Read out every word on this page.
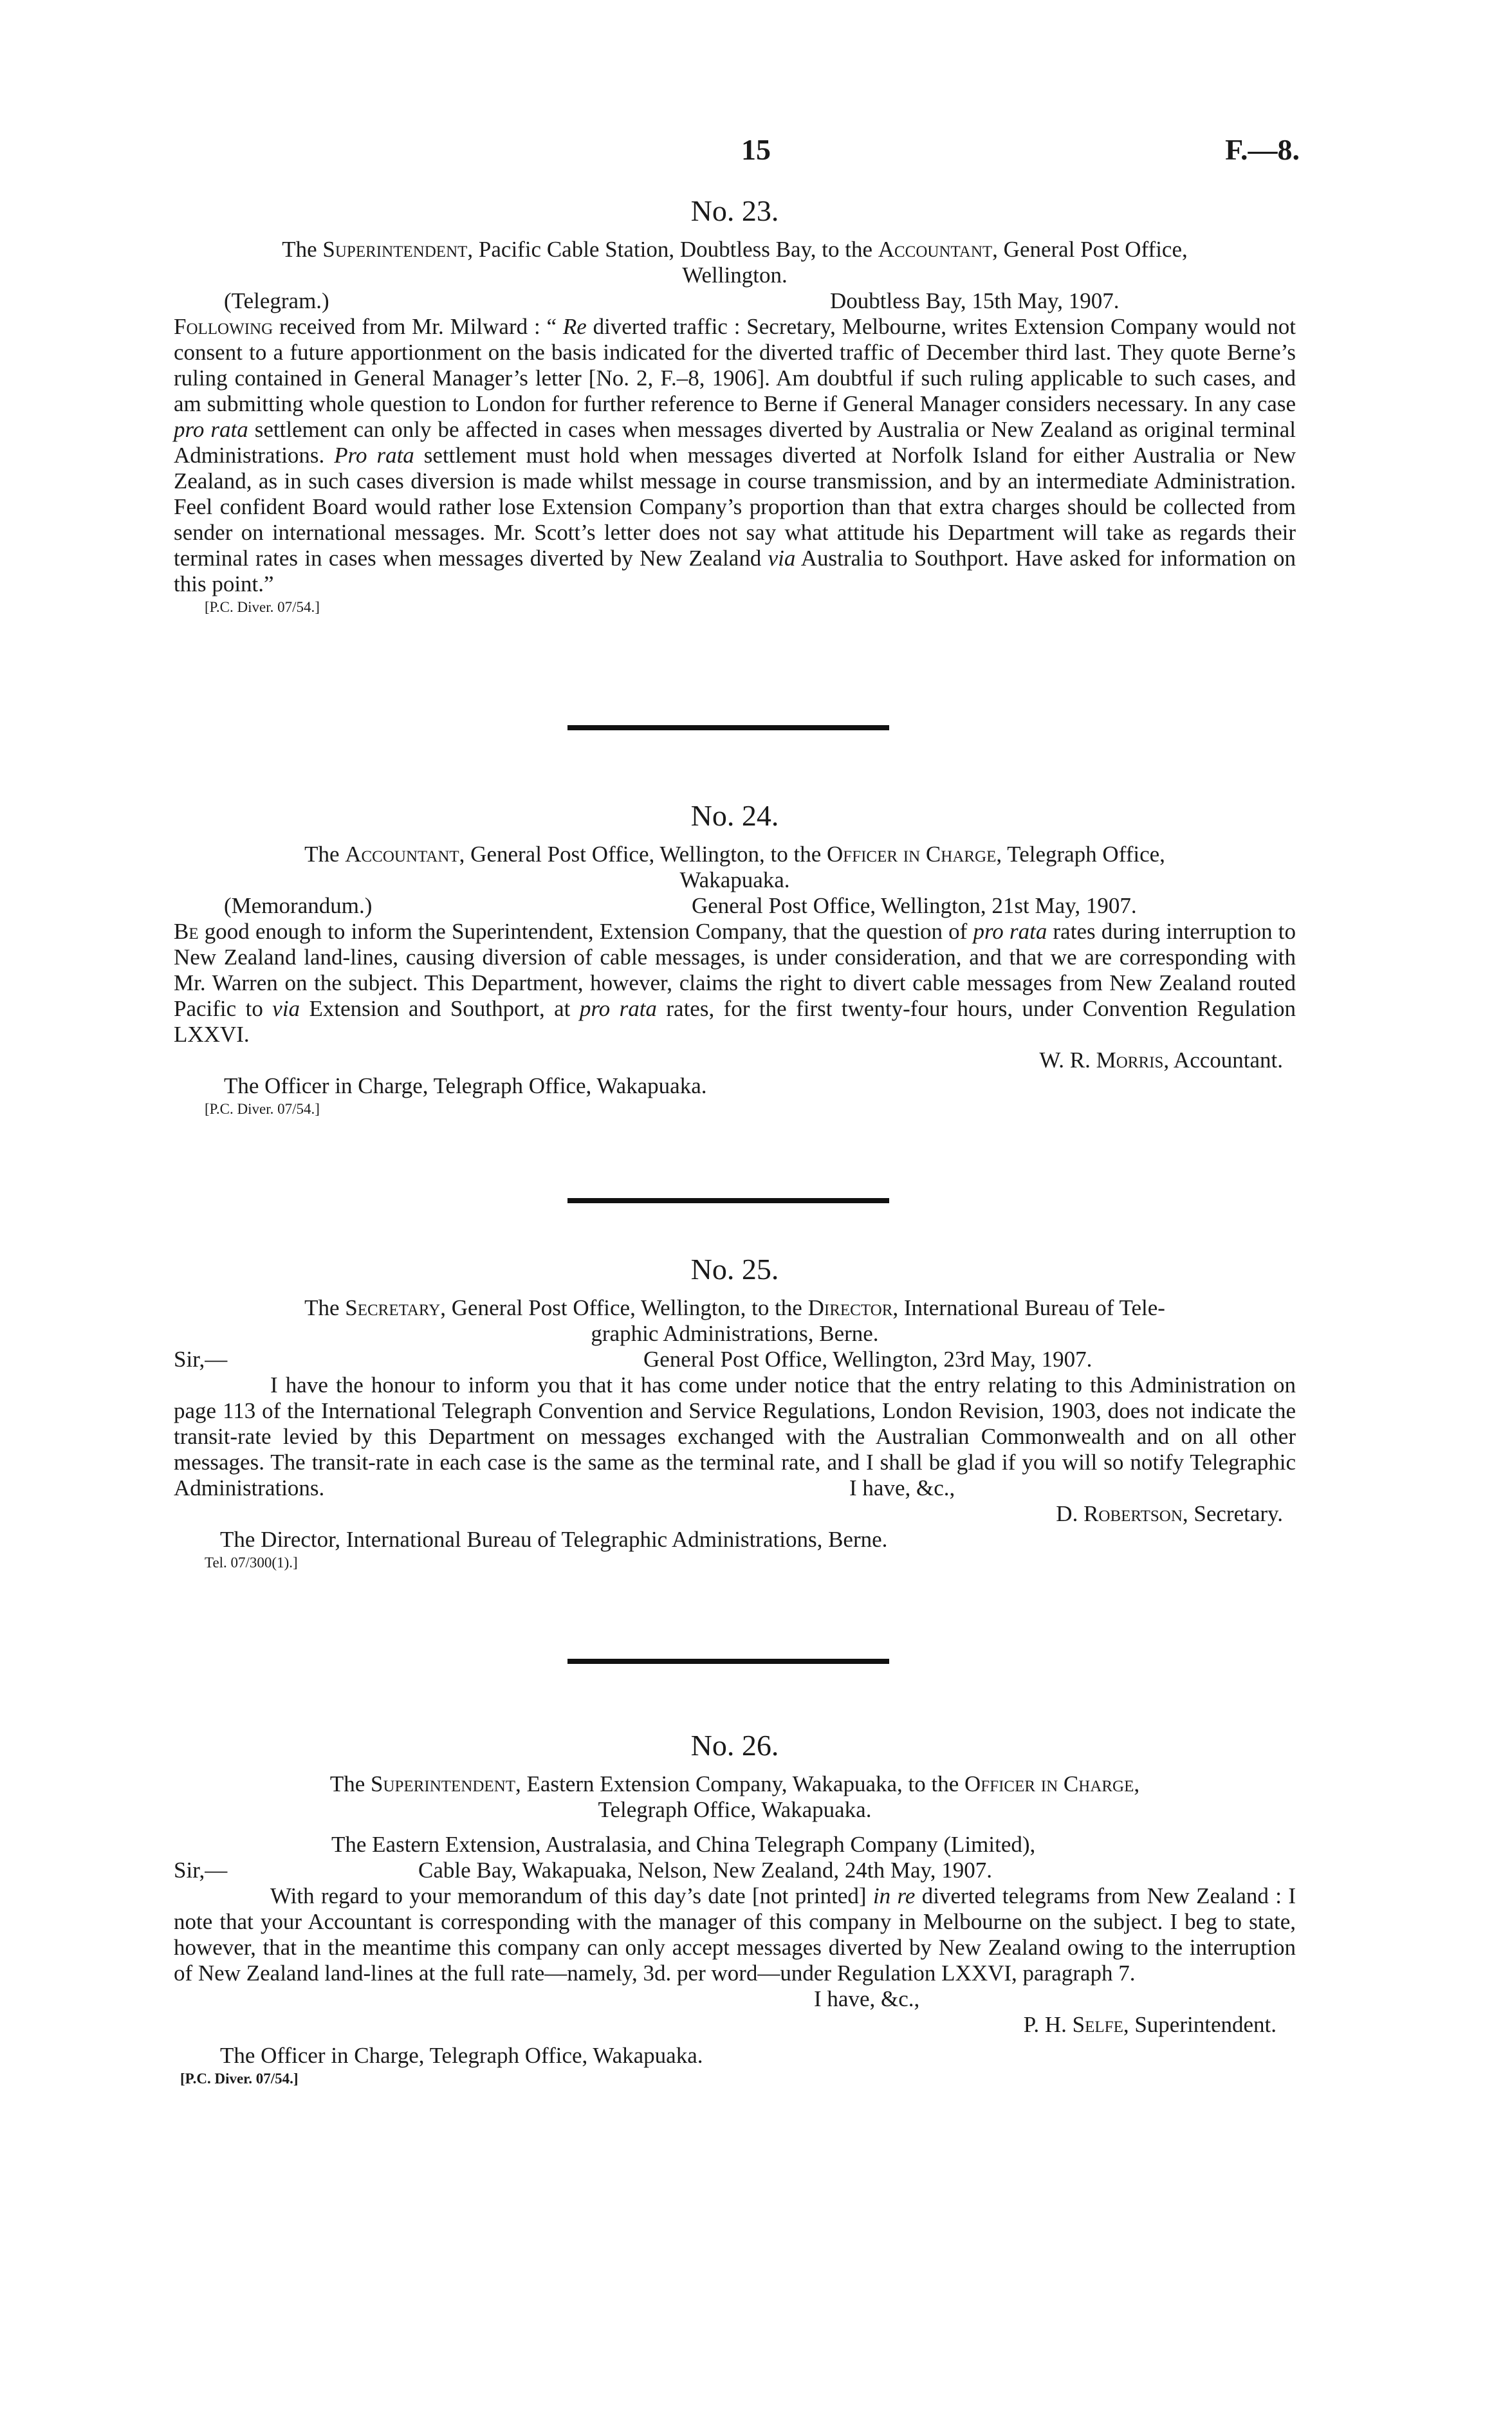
15	F.—8.
No. 23.

The Superintendent, Pacific Cable Station, Doubtless Bay, to the Accountant, General Post Office,
Wellington.

(Telegram.)	Doubtless Bay, 15th May, 1907.

Following received from Mr. Milward : “ Re diverted traffic : Secretary, Melbourne, writes Extension Company would not consent to a future apportionment on the basis indicated for the diverted traffic of December third last. They quote Berne’s ruling contained in General Manager’s letter [No. 2, F.–8, 1906]. Am doubtful if such ruling applicable to such cases, and am submitting whole question to London for further reference to Berne if General Manager considers necessary. In any case pro rata settlement can only be affected in cases when messages diverted by Australia or New Zealand as original terminal Administrations. Pro rata settlement must hold when messages diverted at Norfolk Island for either Australia or New Zealand, as in such cases diversion is made whilst message in course transmission, and by an intermediate Administration. Feel confident Board would rather lose Extension Company’s proportion than that extra charges should be collected from sender on international messages. Mr. Scott’s letter does not say what attitude his Department will take as regards their terminal rates in cases when messages diverted by New Zealand via Australia to Southport. Have asked for information on this point.”

[P.C. Diver. 07/54.]
No. 24.

The Accountant, General Post Office, Wellington, to the Officer in Charge, Telegraph Office,
Wakapuaka.

(Memorandum.)	General Post Office, Wellington, 21st May, 1907.

Be good enough to inform the Superintendent, Extension Company, that the question of pro rata rates during interruption to New Zealand land-lines, causing diversion of cable messages, is under consideration, and that we are corresponding with Mr. Warren on the subject. This Department, however, claims the right to divert cable messages from New Zealand routed Pacific to via Extension and Southport, at pro rata rates, for the first twenty-four hours, under Convention Regulation LXXVI.

W. R. Morris, Accountant.
The Officer in Charge, Telegraph Office, Wakapuaka.
[P.C. Diver. 07/54.]
No. 25.

The Secretary, General Post Office, Wellington, to the Director, International Bureau of Tele-
graphic Administrations, Berne.

Sir,—	General Post Office, Wellington, 23rd May, 1907.

I have the honour to inform you that it has come under notice that the entry relating to this Administration on page 113 of the International Telegraph Convention and Service Regulations, London Revision, 1903, does not indicate the transit-rate levied by this Department on messages exchanged with the Australian Commonwealth and on all other messages. The transit-rate in each case is the same as the terminal rate, and I shall be glad if you will so notify Telegraphic Administrations.	I have, &c.,
D. Robertson, Secretary.
The Director, International Bureau of Telegraphic Administrations, Berne.
Tel. 07/300(1).]
No. 26.

The Superintendent, Eastern Extension Company, Wakapuaka, to the Officer in Charge,
Telegraph Office, Wakapuaka.

The Eastern Extension, Australasia, and China Telegraph Company (Limited),
Sir,—	Cable Bay, Wakapuaka, Nelson, New Zealand, 24th May, 1907.

With regard to your memorandum of this day’s date [not printed] in re diverted telegrams from New Zealand : I note that your Accountant is corresponding with the manager of this company in Melbourne on the subject. I beg to state, however, that in the meantime this company can only accept messages diverted by New Zealand owing to the interruption of New Zealand land-lines at the full rate—namely, 3d. per word—under Regulation LXXVI, paragraph 7.

I have, &c.,
P. H. Selfe, Superintendent.
The Officer in Charge, Telegraph Office, Wakapuaka.
[P.C. Diver. 07/54.]
